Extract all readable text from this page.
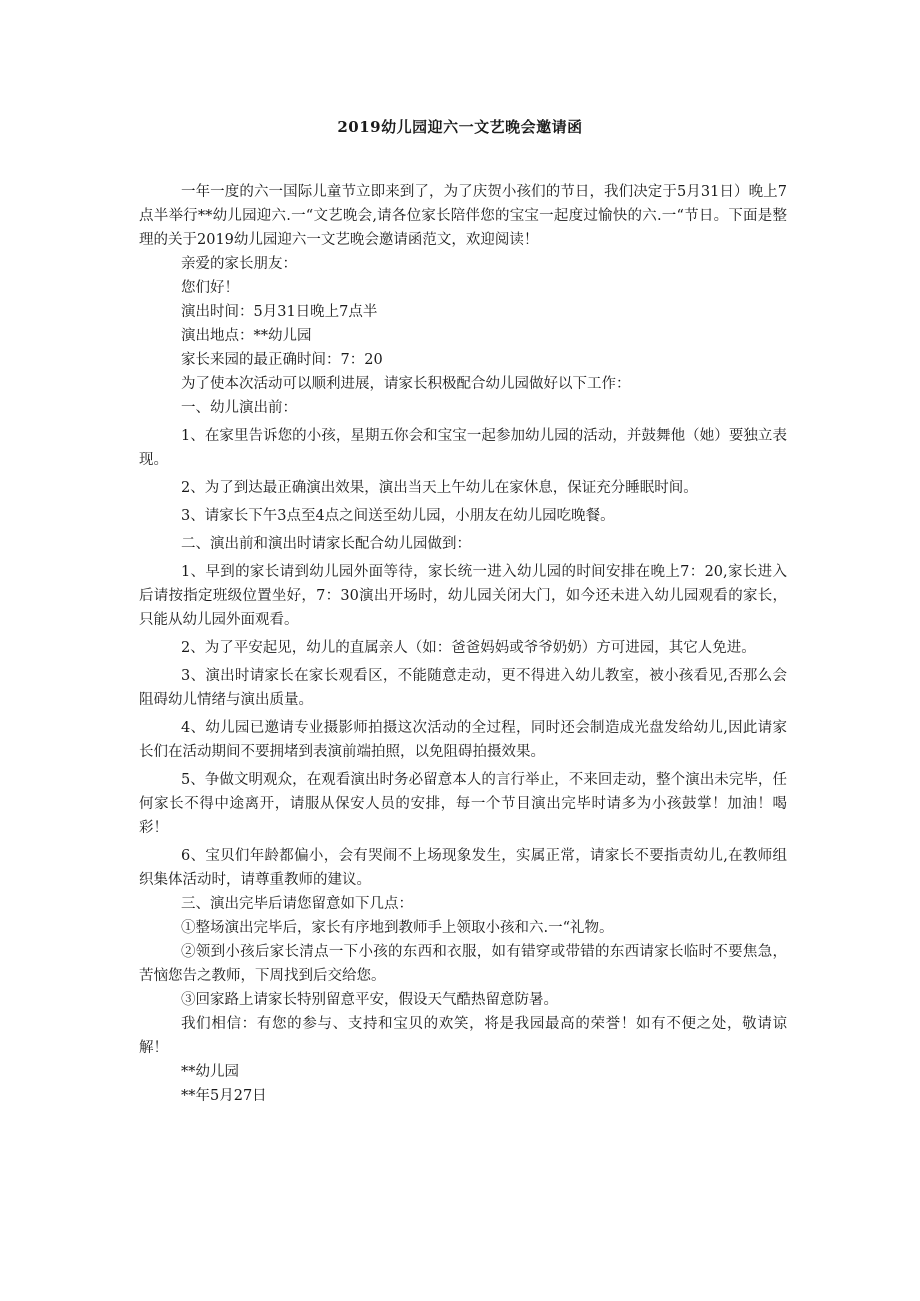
2019幼儿园迎六一文艺晚会邀请函

一年一度的六一国际儿童节立即来到了，为了庆贺小孩们的节日，我们决定于5月31日）晚上7点半举行**幼儿园迎六.一“文艺晚会,请各位家长陪伴您的宝宝一起度过愉快的六.一“节日。下面是整理的关于2019幼儿园迎六一文艺晚会邀请函范文，欢迎阅读！

亲爱的家长朋友：

您们好！

演出时间：5月31日晚上7点半

演出地点：**幼儿园

家长来园的最正确时间：7：20

为了使本次活动可以顺利进展，请家长积极配合幼儿园做好以下工作：

一、幼儿演出前：

1、在家里告诉您的小孩，星期五你会和宝宝一起参加幼儿园的活动，并鼓舞他（她）要独立表现。

2、为了到达最正确演出效果，演出当天上午幼儿在家休息，保证充分睡眠时间。

3、请家长下午3点至4点之间送至幼儿园，小朋友在幼儿园吃晚餐。

二、演出前和演出时请家长配合幼儿园做到：

1、早到的家长请到幼儿园外面等待，家长统一进入幼儿园的时间安排在晚上7：20,家长进入后请按指定班级位置坐好，7：30演出开场时，幼儿园关闭大门，如今还未进入幼儿园观看的家长，只能从幼儿园外面观看。

2、为了平安起见，幼儿的直属亲人（如：爸爸妈妈或爷爷奶奶）方可进园，其它人免进。

3、演出时请家长在家长观看区，不能随意走动，更不得进入幼儿教室，被小孩看见,否那么会阻碍幼儿情绪与演出质量。

4、幼儿园已邀请专业摄影师拍摄这次活动的全过程，同时还会制造成光盘发给幼儿,因此请家长们在活动期间不要拥堵到表演前端拍照，以免阻碍拍摄效果。

5、争做文明观众，在观看演出时务必留意本人的言行举止，不来回走动，整个演出未完毕，任何家长不得中途离开，请服从保安人员的安排，每一个节目演出完毕时请多为小孩鼓掌！加油！喝彩！

6、宝贝们年龄都偏小，会有哭闹不上场现象发生，实属正常，请家长不要指责幼儿,在教师组织集体活动时，请尊重教师的建议。

三、演出完毕后请您留意如下几点：

①整场演出完毕后，家长有序地到教师手上领取小孩和六.一“礼物。

②领到小孩后家长清点一下小孩的东西和衣服，如有错穿或带错的东西请家长临时不要焦急，苦恼您告之教师，下周找到后交给您。

③回家路上请家长特别留意平安，假设天气酷热留意防暑。

我们相信：有您的参与、支持和宝贝的欢笑，将是我园最高的荣誉！如有不便之处，敬请谅解！

**幼儿园

**年5月27日
